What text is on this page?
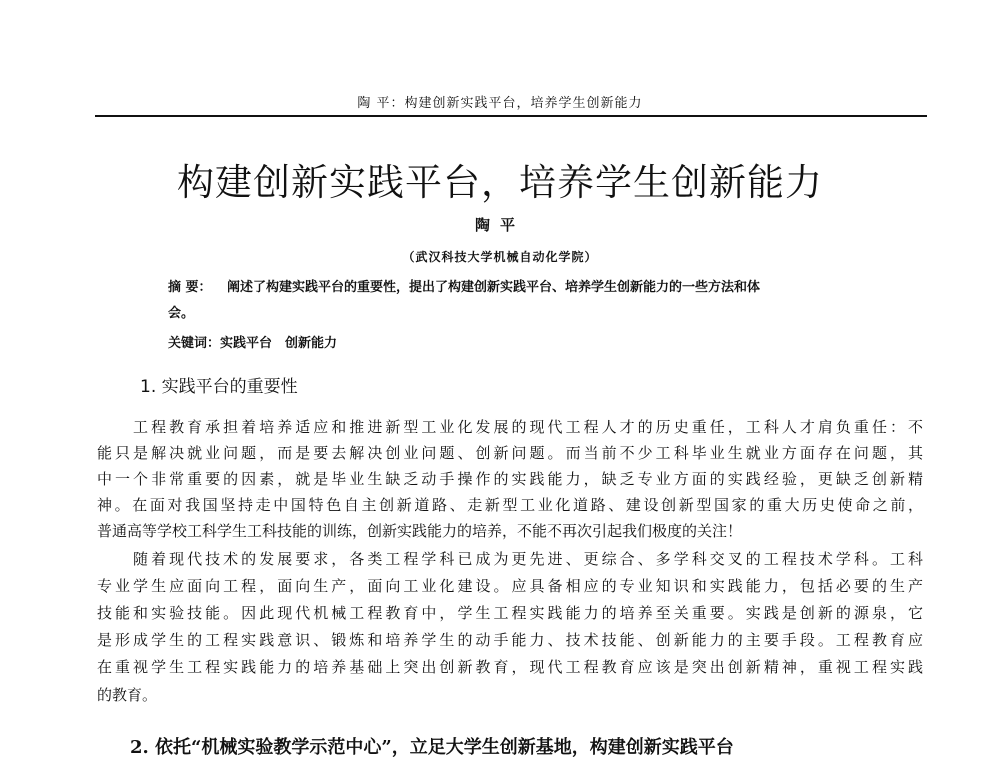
陶 平：构建创新实践平台，培养学生创新能力
构建创新实践平台，培养学生创新能力
陶平
（武汉科技大学机械自动化学院）
摘 要： 阐述了构建实践平台的重要性，提出了构建创新实践平台、培养学生创新能力的一些方法和体
会。
关键词：实践平台　创新能力
1. 实践平台的重要性
　　工程教育承担着培养适应和推进新型工业化发展的现代工程人才的历史重任，工科人才肩负重任：不
能只是解决就业问题，而是要去解决创业问题、创新问题。而当前不少工科毕业生就业方面存在问题，其
中一个非常重要的因素，就是毕业生缺乏动手操作的实践能力，缺乏专业方面的实践经验，更缺乏创新精
神。在面对我国坚持走中国特色自主创新道路、走新型工业化道路、建设创新型国家的重大历史使命之前，
普通高等学校工科学生工科技能的训练，创新实践能力的培养，不能不再次引起我们极度的关注！
　　随着现代技术的发展要求，各类工程学科已成为更先进、更综合、多学科交叉的工程技术学科。工科
专业学生应面向工程，面向生产，面向工业化建设。应具备相应的专业知识和实践能力，包括必要的生产
技能和实验技能。因此现代机械工程教育中，学生工程实践能力的培养至关重要。实践是创新的源泉，它
是形成学生的工程实践意识、锻炼和培养学生的动手能力、技术技能、创新能力的主要手段。工程教育应
在重视学生工程实践能力的培养基础上突出创新教育，现代工程教育应该是突出创新精神，重视工程实践
的教育。
2. 依托“机械实验教学示范中心”，立足大学生创新基地，构建创新实践平台
